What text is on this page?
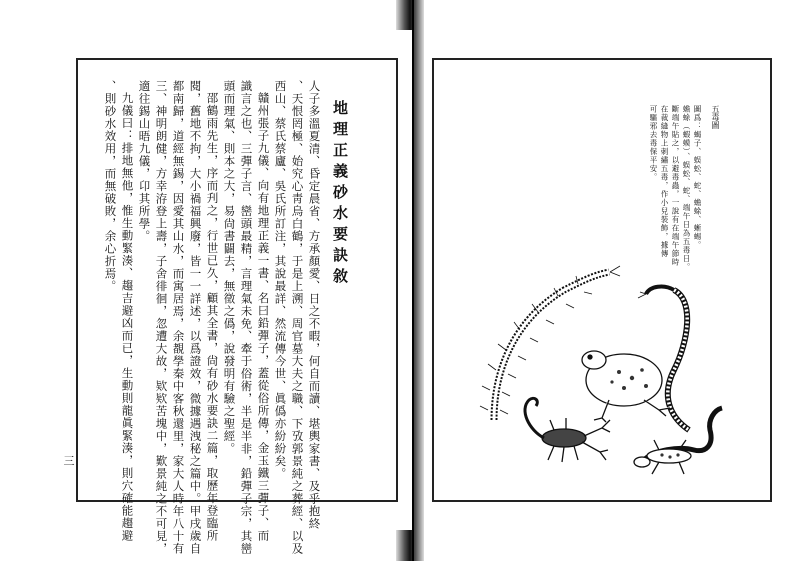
地理正義砂水要訣敘
人子多溫夏清、昏定晨省、方承顏愛、日之不暇，何自而讀、堪輿家書、及乎抱終
、天恨罔極、始究心靑烏白鶴，于是上溯、周官墓大夫之職、下攷郭景純之葬經、以及
西山、蔡氏蔡廬、吳氏所訂注，其說最詳、然流傳今世、眞僞亦紛紛矣。
贛州張子九儀、向有地理正義一書、名曰鉛彈子，蓋從俗所傳，金玉鐵三彈子、而
識言之也、三彈子言、巒頭最精，言理氣未免、牽于俗術，半是半非，鉛彈子宗，其巒
頭而理氣、則本之大，易尙書闢去，無徵之僞，說發明有驗之聖經。
邵鶴雨先生，序而刋之，行世已久，顧其全書，尙有砂水要訣二篇，取歷年登臨所
閱，舊地不拘，大小禍福興廢，皆一一詳述，以爲證效，微據遇洩秘之篇中。甲戌歲自
都南歸，道經無錫，因愛其山水，而寓居焉，余覩學秦中客秋還里，家大人時年八十有
三、神明朗健，方幸洊登上壽，子舍徘徊，忽遭大故，欵欵苦塊中，歎景純之不可見，
適往錫山晤九儀，卬其所學。
九儀曰：排地無他，惟生動緊湊、趨吉避凶而已，生動則龍眞緊湊，則穴確能趨避
、則砂水效用，而無破敗，余心折焉。
三
五毒圖
圖爲：蝎子、蜈蚣、蛇、蟾蜍、蜥蜴。
蟾蜍（蝦蟆）、蜈蚣、蛇、端午日為五毒日。
斷端午貼之，以避毒蟲，一說有在端午節時
在裁縫物上刺繡五毒，作小兒裝飾，據傳
可驅邪去毒保平安。
